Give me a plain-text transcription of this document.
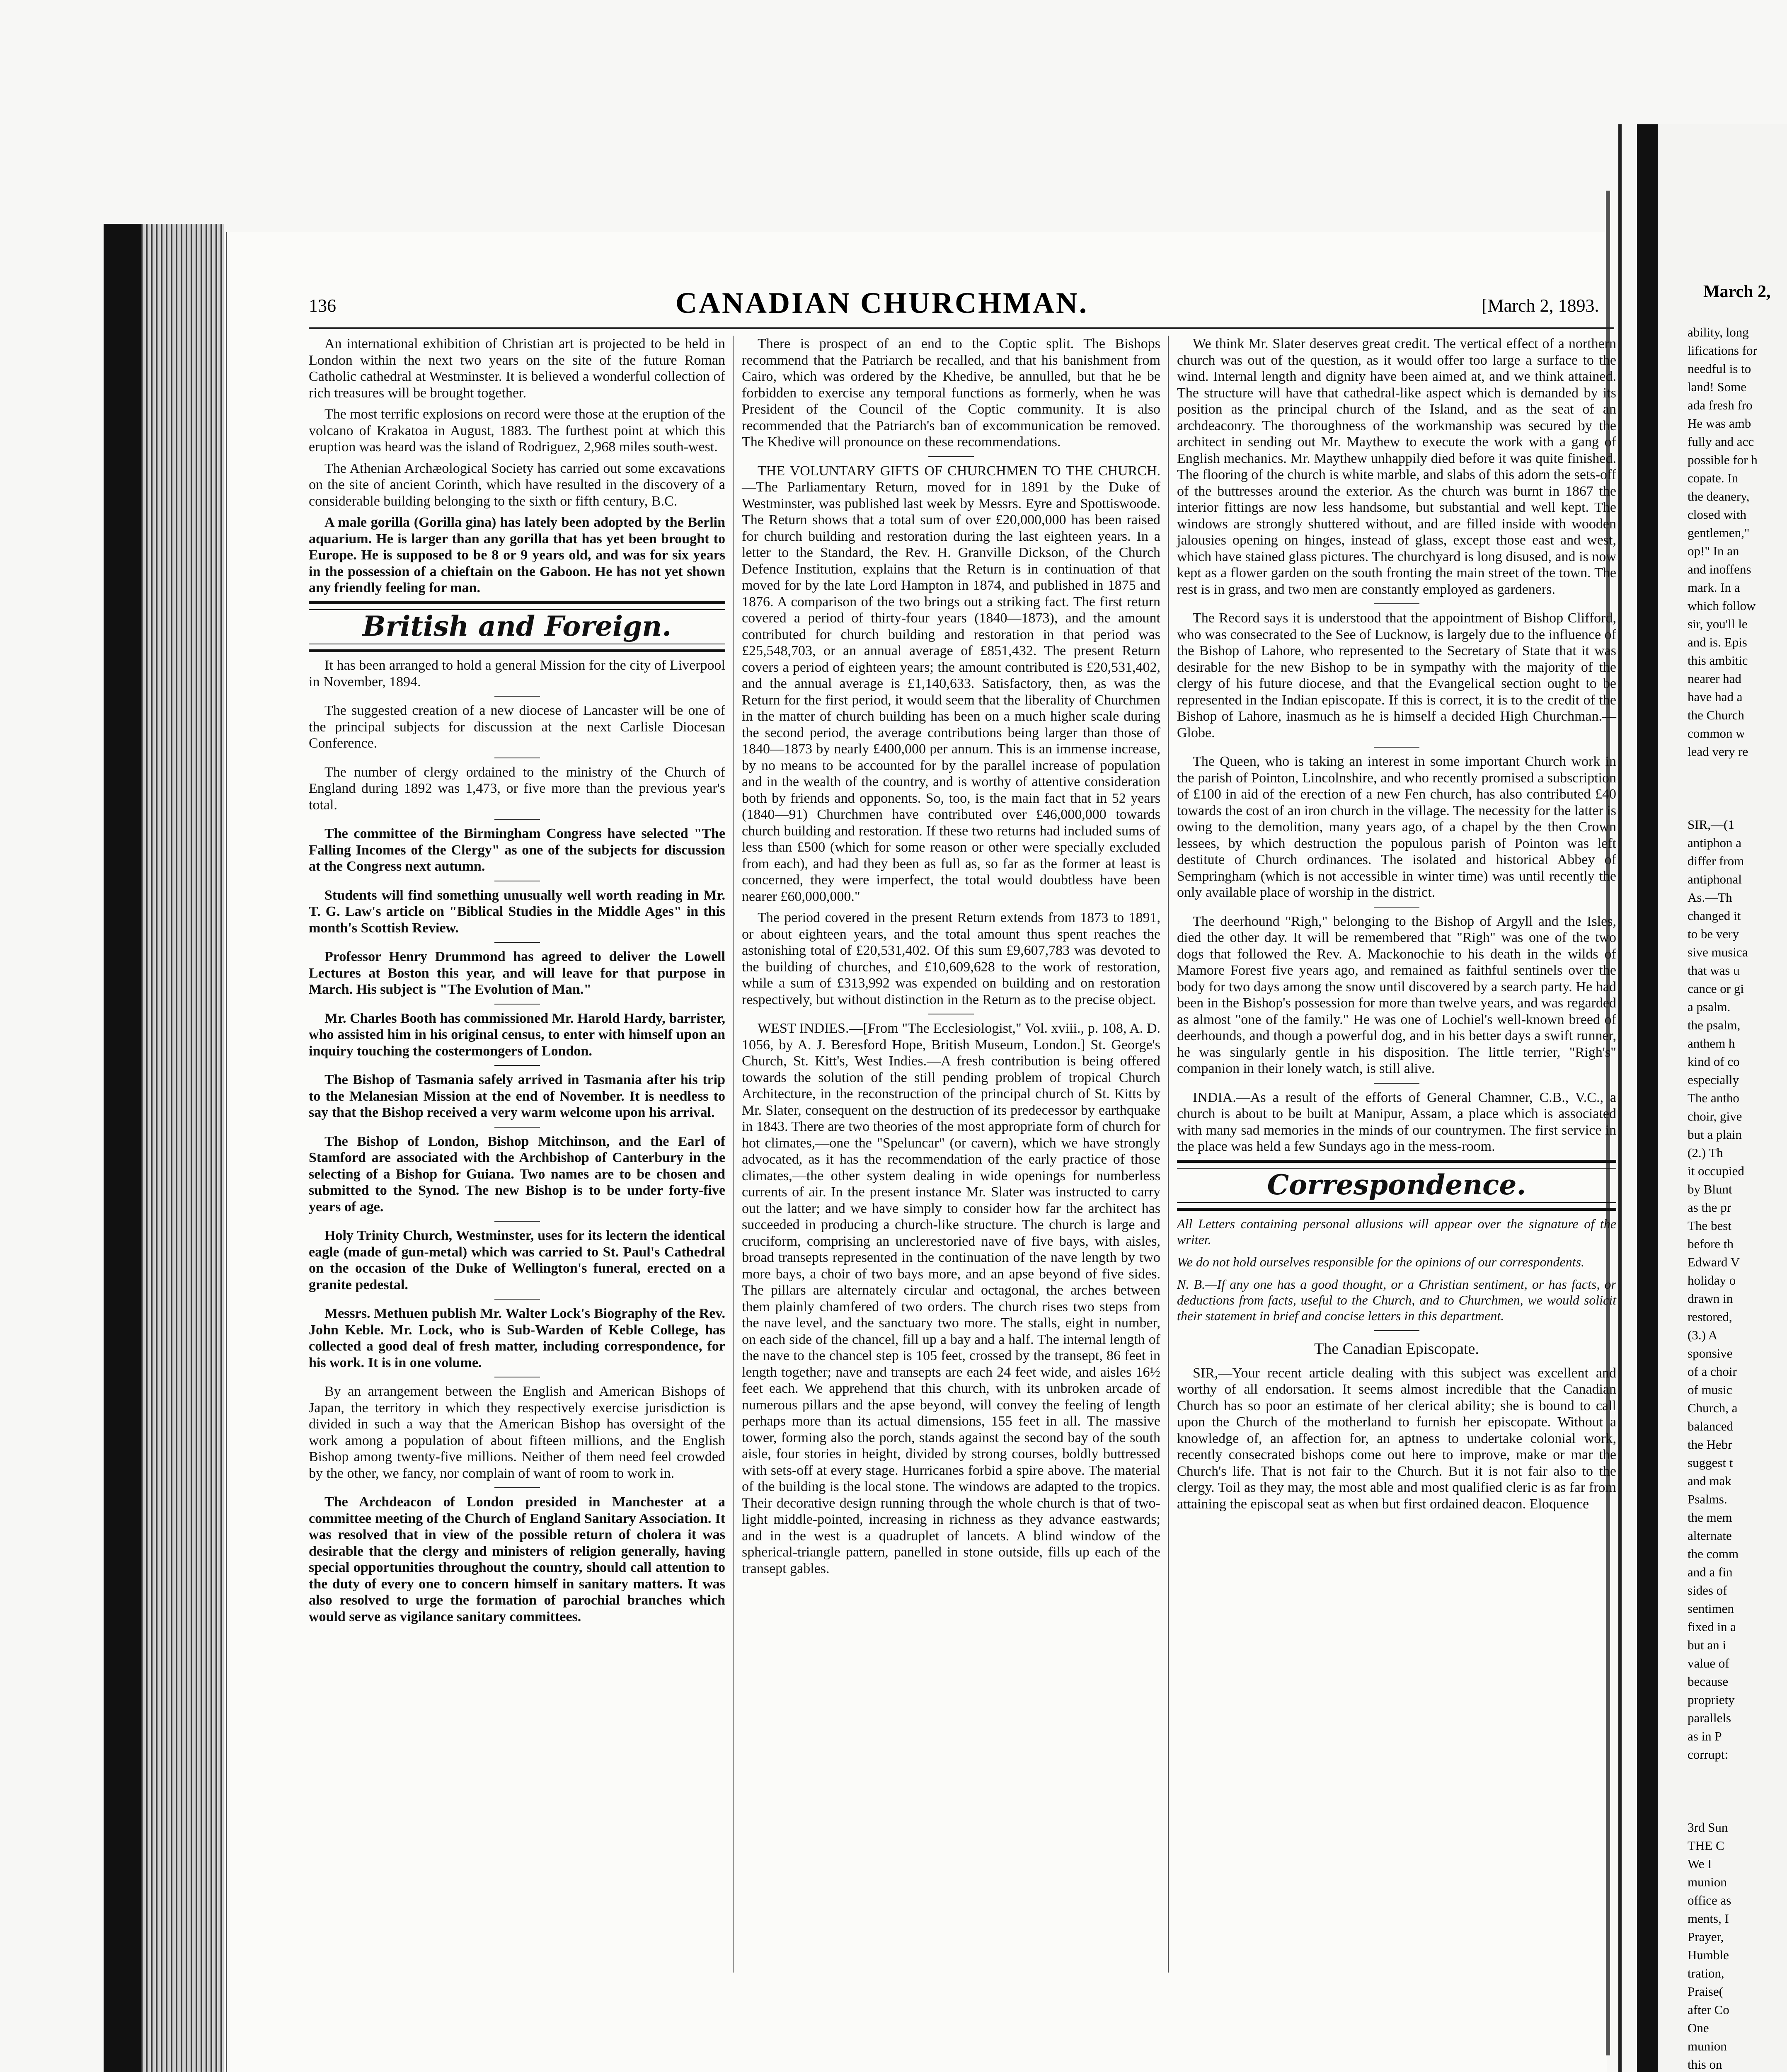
March 2,
ability, long
lifications for
needful is to
land! Some
ada fresh fro
He was amb
fully and acc
possible for h
copate. In
the deanery,
closed with
gentlemen,"
op!" In an
and inoffens
mark. In a
which follow
sir, you'll le
and is. Epis
this ambitic
nearer had
have had a
the Church
common w
lead very re

SIR,—(1
antiphon a
differ from
antiphonal
As.—Th
changed it
to be very
sive musica
that was u
cance or gi
a psalm.
the psalm,
anthem h
kind of co
especially
The antho
choir, give
but a plain
(2.) Th
it occupied
by Blunt
as the pr
The best
before th
Edward V
holiday o
drawn in
restored,
(3.) A
sponsive
of a choir
of music
Church, a
balanced
the Hebr
suggest t
and mak
Psalms.
the mem
alternate
the comm
and a fin
sides of
sentimen
fixed in a
but an i
value of
because
propriety
parallels
as in P
corrupt:

3rd Sun
THE C
We I
munion
office as
ments, I
Prayer,
Humble
tration,
Praise(
after Co
One
munion
this on
136	CANADIAN CHURCHMAN.	[March 2, 1893.

An international exhibition of Christian art is projected to be held in London within the next two years on the site of the future Roman Catholic cathedral at Westminster. It is believed a wonderful collection of rich treasures will be brought together.

The most terrific explosions on record were those at the eruption of the volcano of Krakatoa in August, 1883. The furthest point at which this eruption was heard was the island of Rodriguez, 2,968 miles south-west.

The Athenian Archæological Society has carried out some excavations on the site of ancient Corinth, which have resulted in the discovery of a considerable building belonging to the sixth or fifth century, B.C.

A male gorilla (Gorilla gina) has lately been adopted by the Berlin aquarium. He is larger than any gorilla that has yet been brought to Europe. He is supposed to be 8 or 9 years old, and was for six years in the possession of a chieftain on the Gaboon. He has not yet shown any friendly feeling for man.

British and Foreign.

It has been arranged to hold a general Mission for the city of Liverpool in November, 1894.

The suggested creation of a new diocese of Lancaster will be one of the principal subjects for discussion at the next Carlisle Diocesan Conference.

The number of clergy ordained to the ministry of the Church of England during 1892 was 1,473, or five more than the previous year's total.

The committee of the Birmingham Congress have selected "The Falling Incomes of the Clergy" as one of the subjects for discussion at the Congress next autumn.

Students will find something unusually well worth reading in Mr. T. G. Law's article on "Biblical Studies in the Middle Ages" in this month's Scottish Review.

Professor Henry Drummond has agreed to deliver the Lowell Lectures at Boston this year, and will leave for that purpose in March. His subject is "The Evolution of Man."

Mr. Charles Booth has commissioned Mr. Harold Hardy, barrister, who assisted him in his original census, to enter with himself upon an inquiry touching the costermongers of London.

The Bishop of Tasmania safely arrived in Tasmania after his trip to the Melanesian Mission at the end of November. It is needless to say that the Bishop received a very warm welcome upon his arrival.

The Bishop of London, Bishop Mitchinson, and the Earl of Stamford are associated with the Archbishop of Canterbury in the selecting of a Bishop for Guiana. Two names are to be chosen and submitted to the Synod. The new Bishop is to be under forty-five years of age.

Holy Trinity Church, Westminster, uses for its lectern the identical eagle (made of gun-metal) which was carried to St. Paul's Cathedral on the occasion of the Duke of Wellington's funeral, erected on a granite pedestal.

Messrs. Methuen publish Mr. Walter Lock's Biography of the Rev. John Keble. Mr. Lock, who is Sub-Warden of Keble College, has collected a good deal of fresh matter, including correspondence, for his work. It is in one volume.

By an arrangement between the English and American Bishops of Japan, the territory in which they respectively exercise jurisdiction is divided in such a way that the American Bishop has oversight of the work among a population of about fifteen millions, and the English Bishop among twenty-five millions. Neither of them need feel crowded by the other, we fancy, nor complain of want of room to work in.

The Archdeacon of London presided in Manchester at a committee meeting of the Church of England Sanitary Association. It was resolved that in view of the possible return of cholera it was desirable that the clergy and ministers of religion generally, having special opportunities throughout the country, should call attention to the duty of every one to concern himself in sanitary matters. It was also resolved to urge the formation of parochial branches which would serve as vigilance sanitary committees.

There is prospect of an end to the Coptic split. The Bishops recommend that the Patriarch be recalled, and that his banishment from Cairo, which was ordered by the Khedive, be annulled, but that he be forbidden to exercise any temporal functions as formerly, when he was President of the Council of the Coptic community. It is also recommended that the Patriarch's ban of excommunication be removed. The Khedive will pronounce on these recommendations.

THE VOLUNTARY GIFTS OF CHURCHMEN TO THE CHURCH.—The Parliamentary Return, moved for in 1891 by the Duke of Westminster, was published last week by Messrs. Eyre and Spottiswoode. The Return shows that a total sum of over £20,000,000 has been raised for church building and restoration during the last eighteen years. In a letter to the Standard, the Rev. H. Granville Dickson, of the Church Defence Institution, explains that the Return is in continuation of that moved for by the late Lord Hampton in 1874, and published in 1875 and 1876. A comparison of the two brings out a striking fact. The first return covered a period of thirty-four years (1840—1873), and the amount contributed for church building and restoration in that period was £25,548,703, or an annual average of £851,432. The present Return covers a period of eighteen years; the amount contributed is £20,531,402, and the annual average is £1,140,633. Satisfactory, then, as was the Return for the first period, it would seem that the liberality of Churchmen in the matter of church building has been on a much higher scale during the second period, the average contributions being larger than those of 1840—1873 by nearly £400,000 per annum. This is an immense increase, by no means to be accounted for by the parallel increase of population and in the wealth of the country, and is worthy of attentive consideration both by friends and opponents. So, too, is the main fact that in 52 years (1840—91) Churchmen have contributed over £46,000,000 towards church building and restoration. If these two returns had included sums of less than £500 (which for some reason or other were specially excluded from each), and had they been as full as, so far as the former at least is concerned, they were imperfect, the total would doubtless have been nearer £60,000,000."

The period covered in the present Return extends from 1873 to 1891, or about eighteen years, and the total amount thus spent reaches the astonishing total of £20,531,402. Of this sum £9,607,783 was devoted to the building of churches, and £10,609,628 to the work of restoration, while a sum of £313,992 was expended on building and on restoration respectively, but without distinction in the Return as to the precise object.

WEST INDIES.—[From "The Ecclesiologist," Vol. xviii., p. 108, A. D. 1056, by A. J. Beresford Hope, British Museum, London.] St. George's Church, St. Kitt's, West Indies.—A fresh contribution is being offered towards the solution of the still pending problem of tropical Church Architecture, in the reconstruction of the principal church of St. Kitts by Mr. Slater, consequent on the destruction of its predecessor by earthquake in 1843. There are two theories of the most appropriate form of church for hot climates,—one the "Speluncar" (or cavern), which we have strongly advocated, as it has the recommendation of the early practice of those climates,—the other system dealing in wide openings for numberless currents of air. In the present instance Mr. Slater was instructed to carry out the latter; and we have simply to consider how far the architect has succeeded in producing a church-like structure. The church is large and cruciform, comprising an unclerestoried nave of five bays, with aisles, broad transepts represented in the continuation of the nave length by two more bays, a choir of two bays more, and an apse beyond of five sides. The pillars are alternately circular and octagonal, the arches between them plainly chamfered of two orders. The church rises two steps from the nave level, and the sanctuary two more. The stalls, eight in number, on each side of the chancel, fill up a bay and a half. The internal length of the nave to the chancel step is 105 feet, crossed by the transept, 86 feet in length together; nave and transepts are each 24 feet wide, and aisles 16½ feet each. We apprehend that this church, with its unbroken arcade of numerous pillars and the apse beyond, will convey the feeling of length perhaps more than its actual dimensions, 155 feet in all. The massive tower, forming also the porch, stands against the second bay of the south aisle, four stories in height, divided by strong courses, boldly buttressed with sets-off at every stage. Hurricanes forbid a spire above. The material of the building is the local stone. The windows are adapted to the tropics. Their decorative design running through the whole church is that of two-light middle-pointed, increasing in richness as they advance eastwards; and in the west is a quadruplet of lancets. A blind window of the spherical-triangle pattern, panelled in stone outside, fills up each of the transept gables.

We think Mr. Slater deserves great credit. The vertical effect of a northern church was out of the question, as it would offer too large a surface to the wind. Internal length and dignity have been aimed at, and we think attained. The structure will have that cathedral-like aspect which is demanded by its position as the principal church of the Island, and as the seat of an archdeaconry. The thoroughness of the workmanship was secured by the architect in sending out Mr. Maythew to execute the work with a gang of English mechanics. Mr. Maythew unhappily died before it was quite finished. The flooring of the church is white marble, and slabs of this adorn the sets-off of the buttresses around the exterior. As the church was burnt in 1867 the interior fittings are now less handsome, but substantial and well kept. The windows are strongly shuttered without, and are filled inside with wooden jalousies opening on hinges, instead of glass, except those east and west, which have stained glass pictures. The churchyard is long disused, and is now kept as a flower garden on the south fronting the main street of the town. The rest is in grass, and two men are constantly employed as gardeners.

The Record says it is understood that the appointment of Bishop Clifford, who was consecrated to the See of Lucknow, is largely due to the influence of the Bishop of Lahore, who represented to the Secretary of State that it was desirable for the new Bishop to be in sympathy with the majority of the clergy of his future diocese, and that the Evangelical section ought to be represented in the Indian episcopate. If this is correct, it is to the credit of the Bishop of Lahore, inasmuch as he is himself a decided High Churchman.—Globe.

The Queen, who is taking an interest in some important Church work in the parish of Pointon, Lincolnshire, and who recently promised a subscription of £100 in aid of the erection of a new Fen church, has also contributed £40 towards the cost of an iron church in the village. The necessity for the latter is owing to the demolition, many years ago, of a chapel by the then Crown lessees, by which destruction the populous parish of Pointon was left destitute of Church ordinances. The isolated and historical Abbey of Sempringham (which is not accessible in winter time) was until recently the only available place of worship in the district.

The deerhound "Righ," belonging to the Bishop of Argyll and the Isles, died the other day. It will be remembered that "Righ" was one of the two dogs that followed the Rev. A. Mackonochie to his death in the wilds of Mamore Forest five years ago, and remained as faithful sentinels over the body for two days among the snow until discovered by a search party. He had been in the Bishop's possession for more than twelve years, and was regarded as almost "one of the family." He was one of Lochiel's well-known breed of deerhounds, and though a powerful dog, and in his better days a swift runner, he was singularly gentle in his disposition. The little terrier, "Righ's" companion in their lonely watch, is still alive.

INDIA.—As a result of the efforts of General Chamner, C.B., V.C., a church is about to be built at Manipur, Assam, a place which is associated with many sad memories in the minds of our countrymen. The first service in the place was held a few Sundays ago in the mess-room.

Correspondence.
All Letters containing personal allusions will appear over the signature of the writer.
We do not hold ourselves responsible for the opinions of our correspondents.
N. B.—If any one has a good thought, or a Christian sentiment, or has facts, or deductions from facts, useful to the Church, and to Churchmen, we would solicit their statement in brief and concise letters in this department.
The Canadian Episcopate.

SIR,—Your recent article dealing with this subject was excellent and worthy of all endorsation. It seems almost incredible that the Canadian Church has so poor an estimate of her clerical ability; she is bound to call upon the Church of the motherland to furnish her episcopate. Without a knowledge of, an affection for, an aptness to undertake colonial work, recently consecrated bishops come out here to improve, make or mar the Church's life. That is not fair to the Church. But it is not fair also to the clergy. Toil as they may, the most able and most qualified cleric is as far from attaining the episcopal seat as when but first ordained deacon. Eloquence
